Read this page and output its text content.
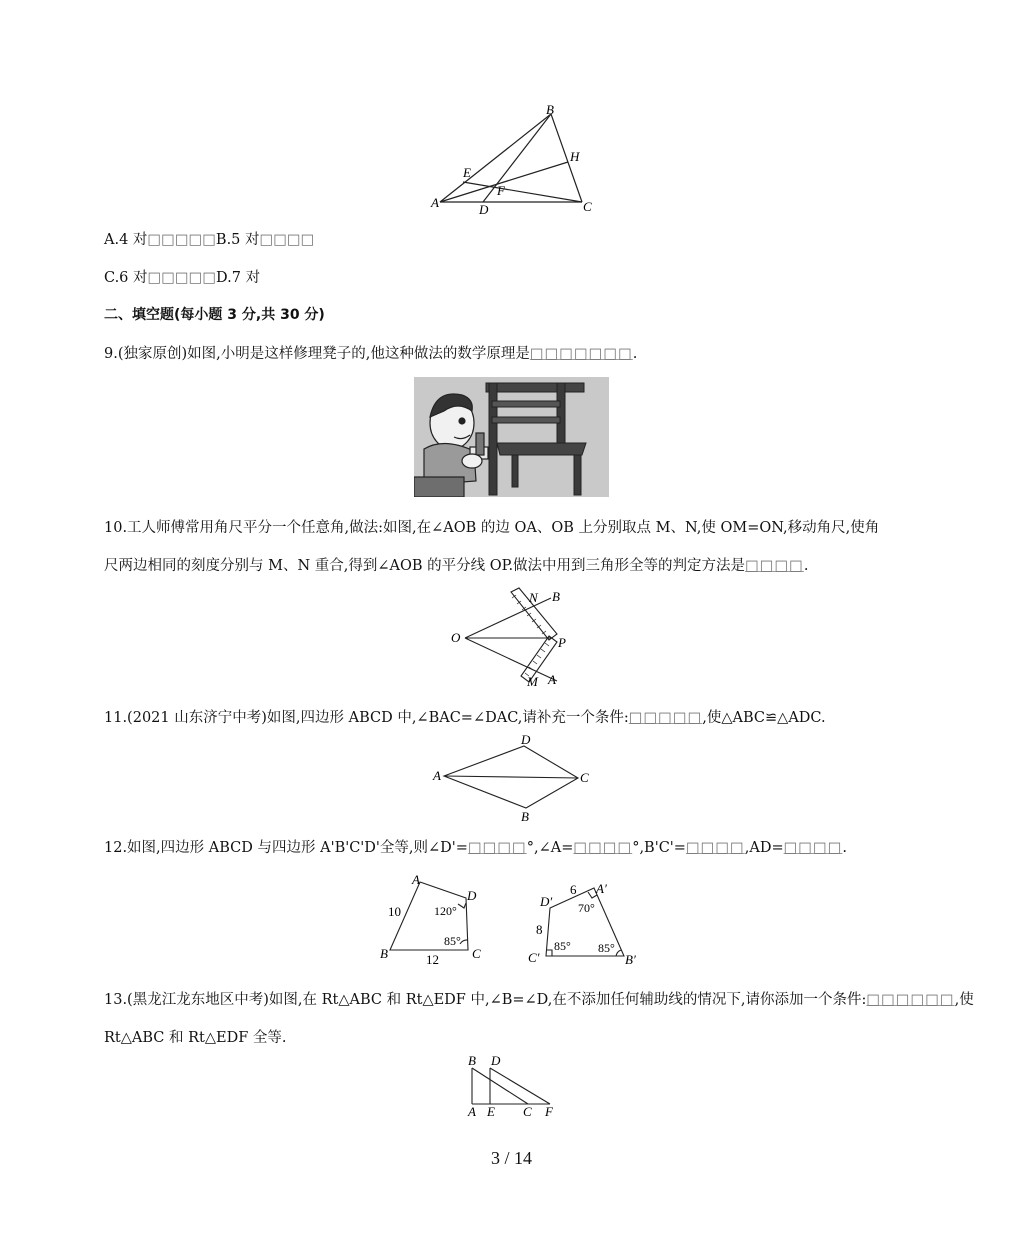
B
H
E
F
A	D	C
A.4 对□□□□□B.5 对□□□□
C.6 对□□□□□D.7 对
二、填空题(每小题 3 分,共 30 分)
9.(独家原创)如图,小明是这样修理凳子的,他这种做法的数学原理是□□□□□□□.
10.工人师傅常用角尺平分一个任意角,做法:如图,在∠AOB 的边 OA、OB 上分别取点 M、N,使 OM=ON,移动角尺,使角
尺两边相同的刻度分别与 M、N 重合,得到∠AOB 的平分线 OP.做法中用到三角形全等的判定方法是□□□□.
O
N B
P
M A
11.(2021 山东济宁中考)如图,四边形 ABCD 中,∠BAC=∠DAC,请补充一个条件:□□□□□,使△ABC≌△ADC.
D
A	C
B
12.如图,四边形 ABCD 与四边形 A'B'C'D'全等,则∠D'=□□□□°,∠A=□□□□°,B'C'=□□□□,AD=□□□□.
A
D
B	C
10
12
120°
85°
D′
A′
C′	B′
6
8
70°
85° 85°
13.(黑龙江龙东地区中考)如图,在 Rt△ABC 和 Rt△EDF 中,∠B=∠D,在不添加任何辅助线的情况下,请你添加一个条件:□□□□□□,使
Rt△ABC 和 Rt△EDF 全等.
B D
A E C F
3 / 14
